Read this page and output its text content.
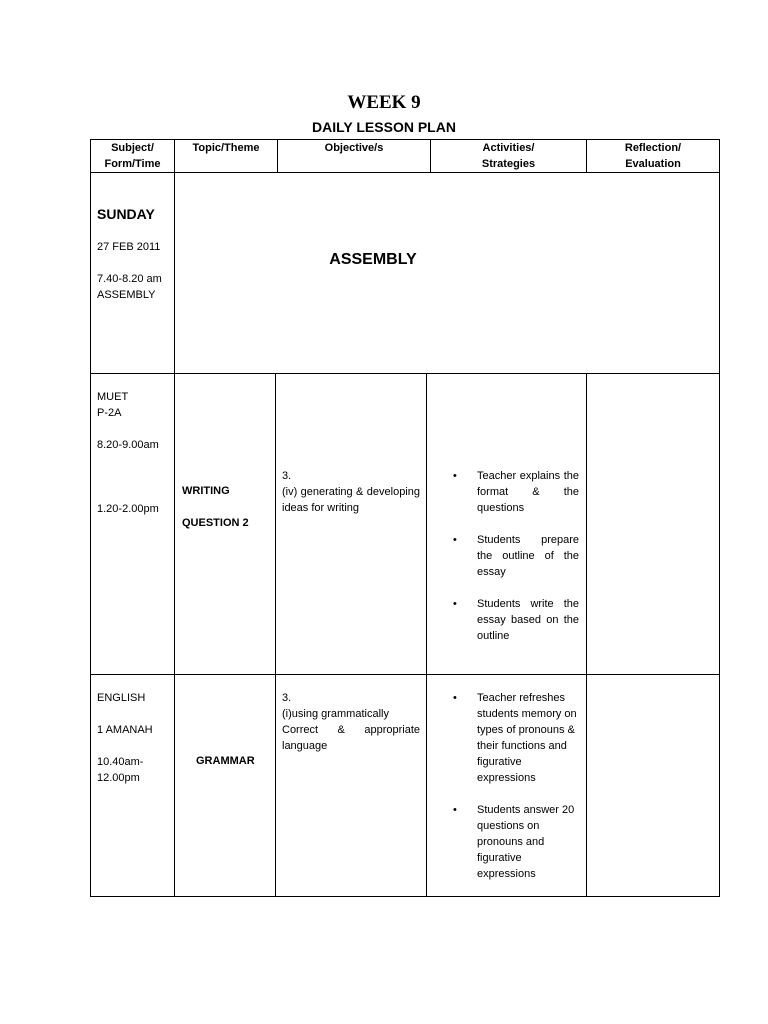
WEEK 9
DAILY LESSON PLAN
Subject/
Form/Time
Topic/Theme	Objective/s	Activities/
Strategies
Reflection/
Evaluation
SUNDAY
27 FEB 2011
7.40-8.20 am
ASSEMBLY
ASSEMBLY
MUET
P-2A
8.20-9.00am
1.20-2.00pm
WRITING
QUESTION 2
3.
(iv) generating & developing ideas for writing
• Teacher explains the format & the questions
• Students prepare the outline of the essay
• Students write the essay based on the outline
ENGLISH
1 AMANAH
10.40am-12.00pm
GRAMMAR
3.
(i)using grammatically
Correct & appropriate language
• Teacher refreshes students memory on types of pronouns & their functions and figurative expressions
• Students answer 20 questions on pronouns and figurative expressions
